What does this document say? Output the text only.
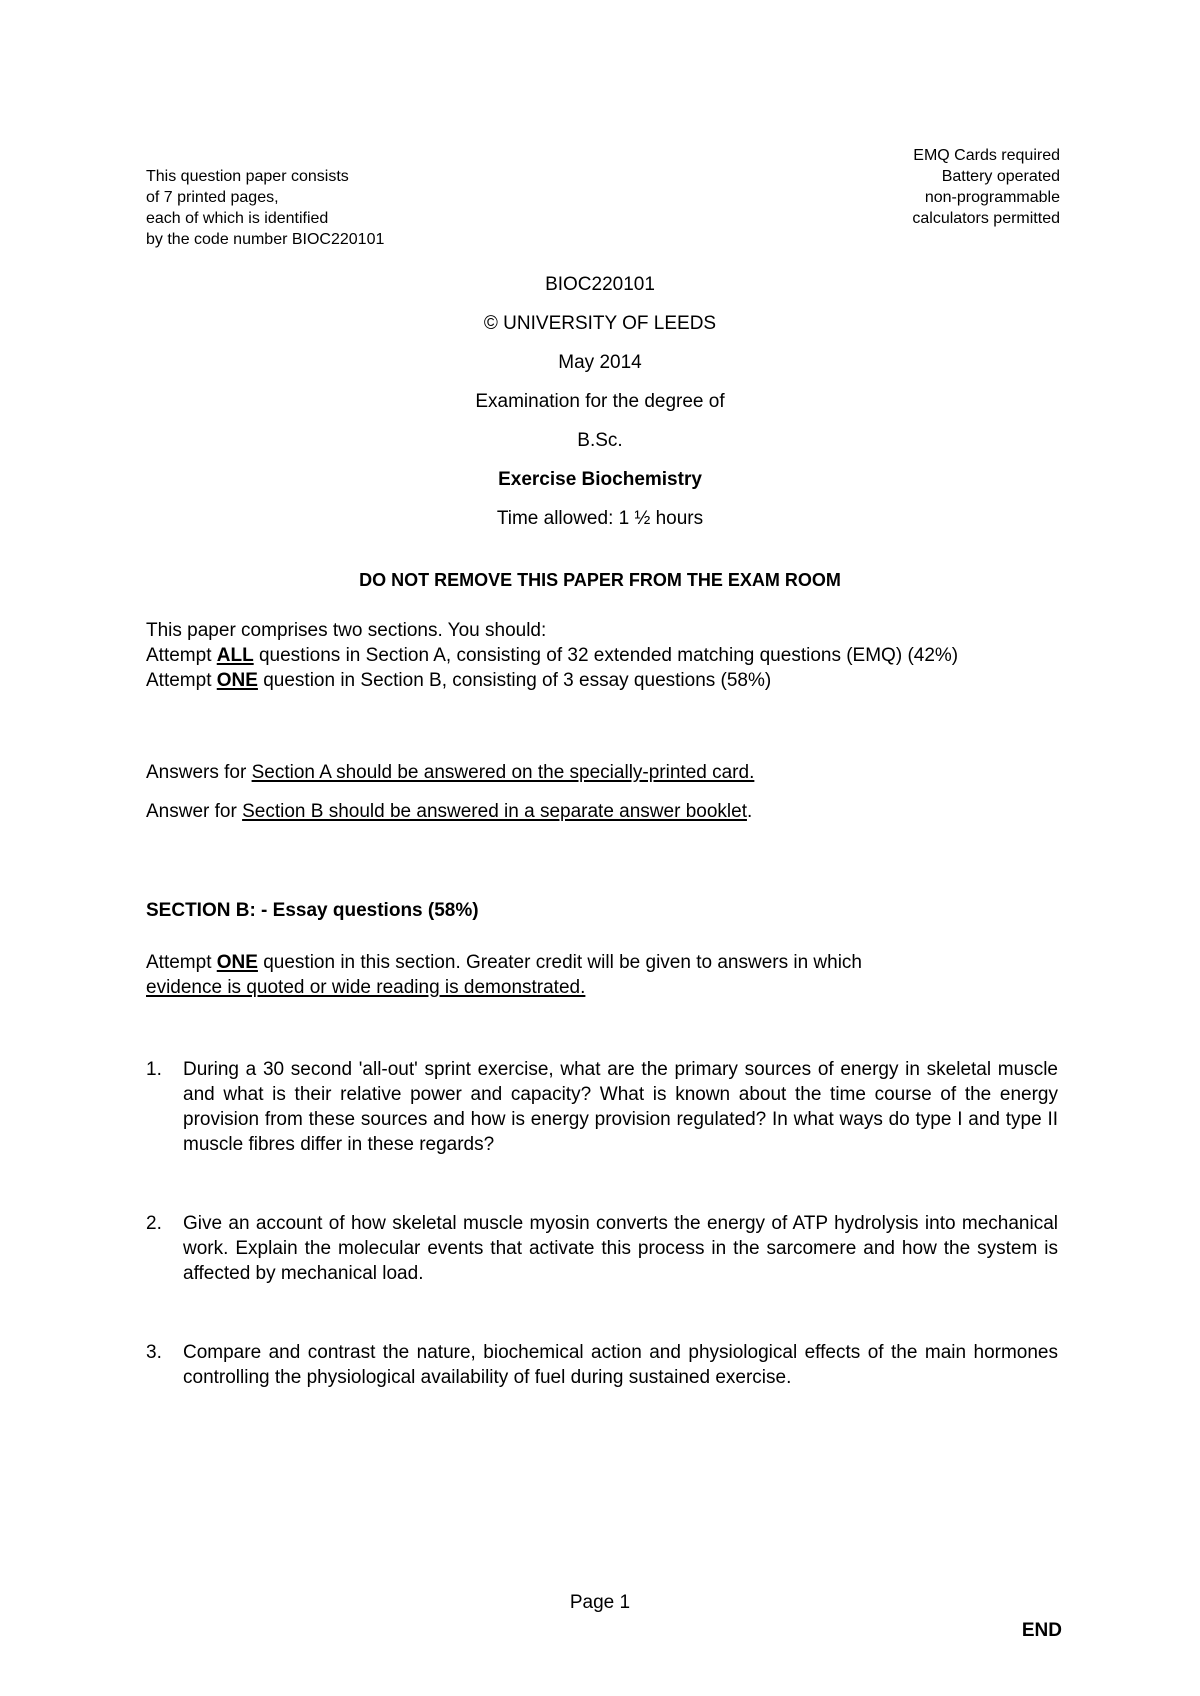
This question paper consists
of 7 printed pages,
each of which is identified
by the code number BIOC220101
EMQ Cards required
Battery operated
non-programmable
calculators permitted
BIOC220101
© UNIVERSITY OF LEEDS
May 2014
Examination for the degree of
B.Sc.
Exercise Biochemistry
Time allowed: 1 ½ hours
DO NOT REMOVE THIS PAPER FROM THE EXAM ROOM
This paper comprises two sections. You should:
Attempt ALL questions in Section A, consisting of 32 extended matching questions (EMQ) (42%)
Attempt ONE question in Section B, consisting of 3 essay questions (58%)

Answers for Section A should be answered on the specially-printed card.

Answer for Section B should be answered in a separate answer booklet.

SECTION B: - Essay questions (58%)
Attempt ONE question in this section. Greater credit will be given to answers in which
evidence is quoted or wide reading is demonstrated.
1. During a 30 second 'all-out' sprint exercise, what are the primary sources of energy in skeletal muscle and what is their relative power and capacity? What is known about the time course of the energy provision from these sources and how is energy provision regulated? In what ways do type I and type II muscle fibres differ in these regards?
2. Give an account of how skeletal muscle myosin converts the energy of ATP hydrolysis into mechanical work. Explain the molecular events that activate this process in the sarcomere and how the system is affected by mechanical load.
3. Compare and contrast the nature, biochemical action and physiological effects of the main hormones controlling the physiological availability of fuel during sustained exercise.
Page 1
END
